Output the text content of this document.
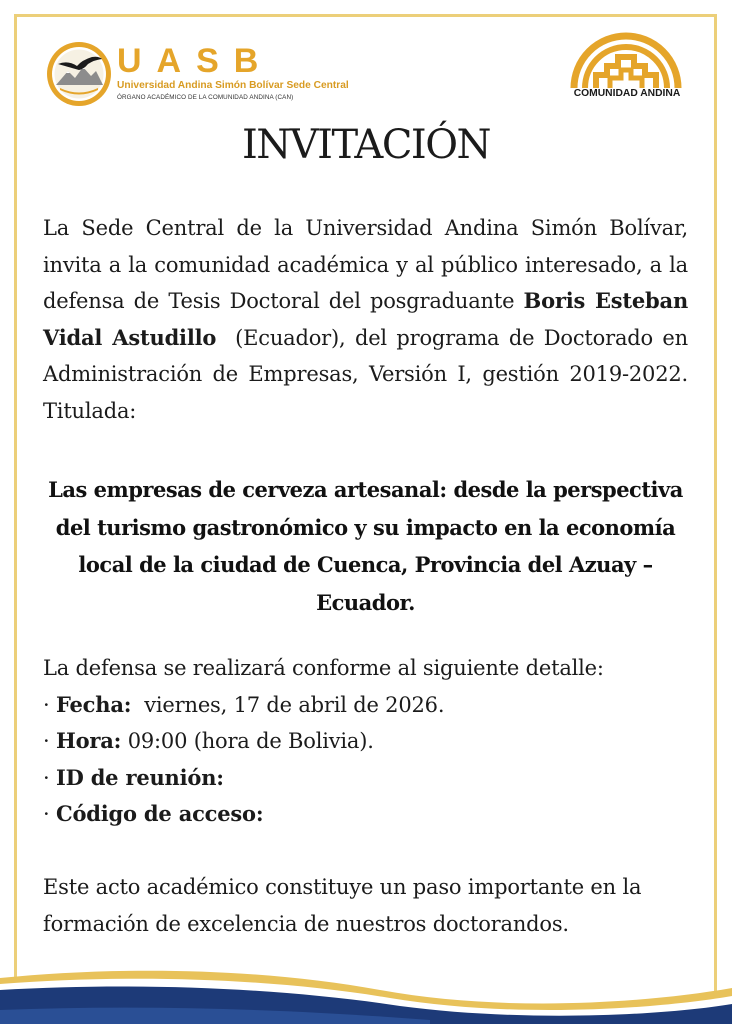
UASB
Universidad Andina Simón Bolívar Sede Central
ÓRGANO ACADÉMICO DE LA COMUNIDAD ANDINA (CAN)	COMUNIDAD ANDINA
INVITACIÓN

La Sede Central de la Universidad Andina Simón Bolívar, invita a la comunidad académica y al público interesado, a la defensa de Tesis Doctoral del posgraduante Boris Esteban Vidal Astudillo  (Ecuador), del programa de Doctorado en Administración de Empresas, Versión I, gestión 2019-2022. Titulada:

Las empresas de cerveza artesanal: desde la perspectiva del turismo gastronómico y su impacto en la economía local de la ciudad de Cuenca, Provincia del Azuay – Ecuador.

La defensa se realizará conforme al siguiente detalle:
· Fecha:  viernes, 17 de abril de 2026.
· Hora: 09:00 (hora de Bolivia).
· ID de reunión:
· Código de acceso:

Este acto académico constituye un paso importante en la formación de excelencia de nuestros doctorandos.
